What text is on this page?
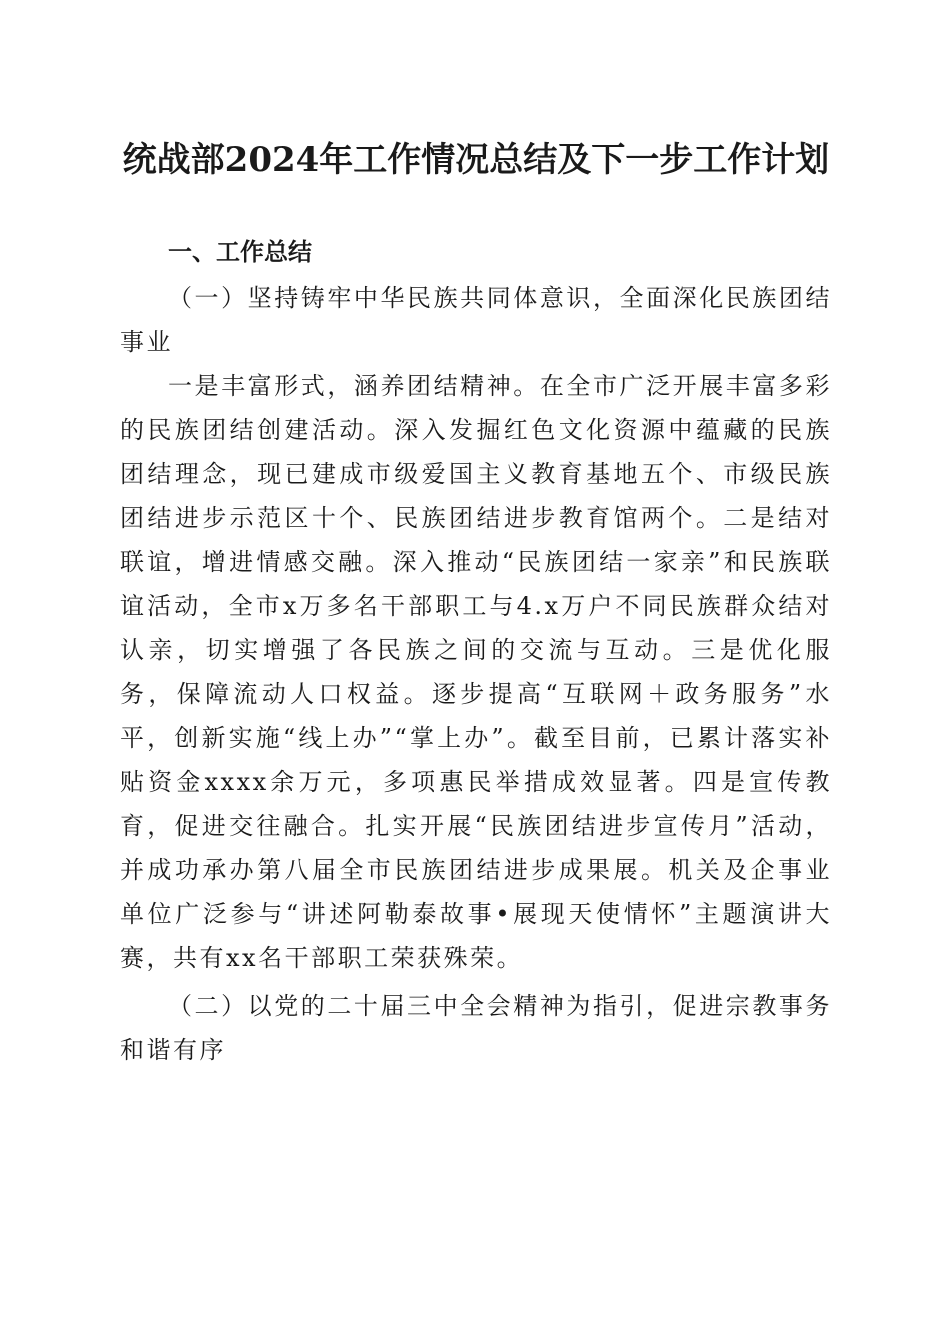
统战部2024年工作情况总结及下一步工作计划
一、工作总结
（一）坚持铸牢中华民族共同体意识，全面深化民族团结事业

一是丰富形式，涵养团结精神。在全市广泛开展丰富多彩的民族团结创建活动。深入发掘红色文化资源中蕴藏的民族团结理念，现已建成市级爱国主义教育基地五个、市级民族团结进步示范区十个、民族团结进步教育馆两个。二是结对联谊，增进情感交融。深入推动“民族团结一家亲”和民族联谊活动，全市x万多名干部职工与4.x万户不同民族群众结对认亲，切实增强了各民族之间的交流与互动。三是优化服务，保障流动人口权益。逐步提高“互联网＋政务服务”水平，创新实施“线上办”“掌上办”。截至目前，已累计落实补贴资金xxxx余万元，多项惠民举措成效显著。四是宣传教育，促进交往融合。扎实开展“民族团结进步宣传月”活动，并成功承办第八届全市民族团结进步成果展。机关及企事业单位广泛参与“讲述阿勒泰故事•展现天使情怀”主题演讲大赛，共有xx名干部职工荣获殊荣。

（二）以党的二十届三中全会精神为指引，促进宗教事务和谐有序
